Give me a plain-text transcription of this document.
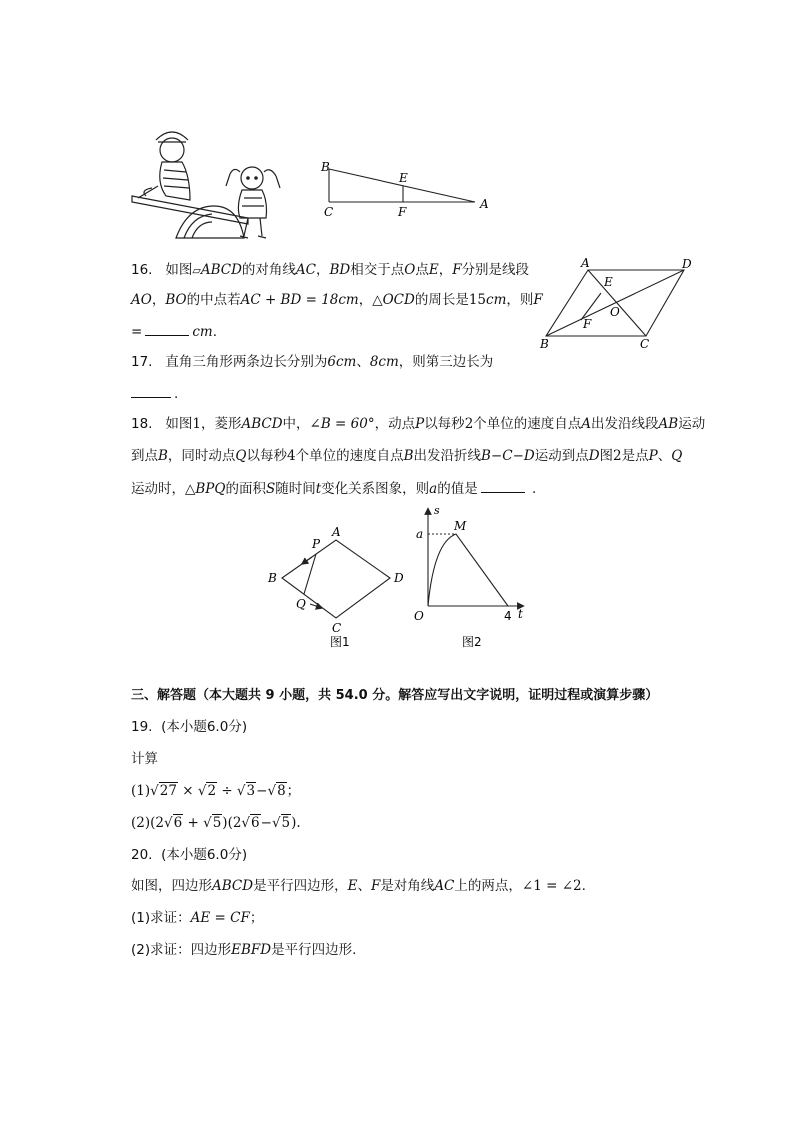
B
E
C	F
A
A	D
E
O
F
B	C
16. 如图▱ABCD的对角线AC，BD相交于点O点E，F分别是线段
AO，BO的中点若AC + BD = 18cm，△OCD的周长是15cm，则F
=	cm.
17. 直角三角形两条边长分别为6cm、8cm，则第三边长为
.
18. 如图1，菱形ABCD中，∠B = 60°，动点P以每秒2个单位的速度自点A出发沿线段AB运动
到点B，同时动点Q以每秒4个单位的速度自点B出发沿折线B−C−D运动到点D图2是点P、Q
运动时，△BPQ的面积S随时间t变化关系图象，则a的值是	.
A
P
B	D
Q
C
图1
s
a
M
O	4 t
图2
三、解答题（本大题共 9 小题，共 54.0 分。解答应写出文字说明，证明过程或演算步骤）
19. (本小题6.0分)
计算
(1)√27 × √2 ÷ √3−√8；
(2)(2√6 + √5)(2√6−√5).
20. (本小题6.0分)
如图，四边形ABCD是平行四边形，E、F是对角线AC上的两点，∠1 = ∠2.
(1)求证：AE = CF；
(2)求证：四边形EBFD是平行四边形.
